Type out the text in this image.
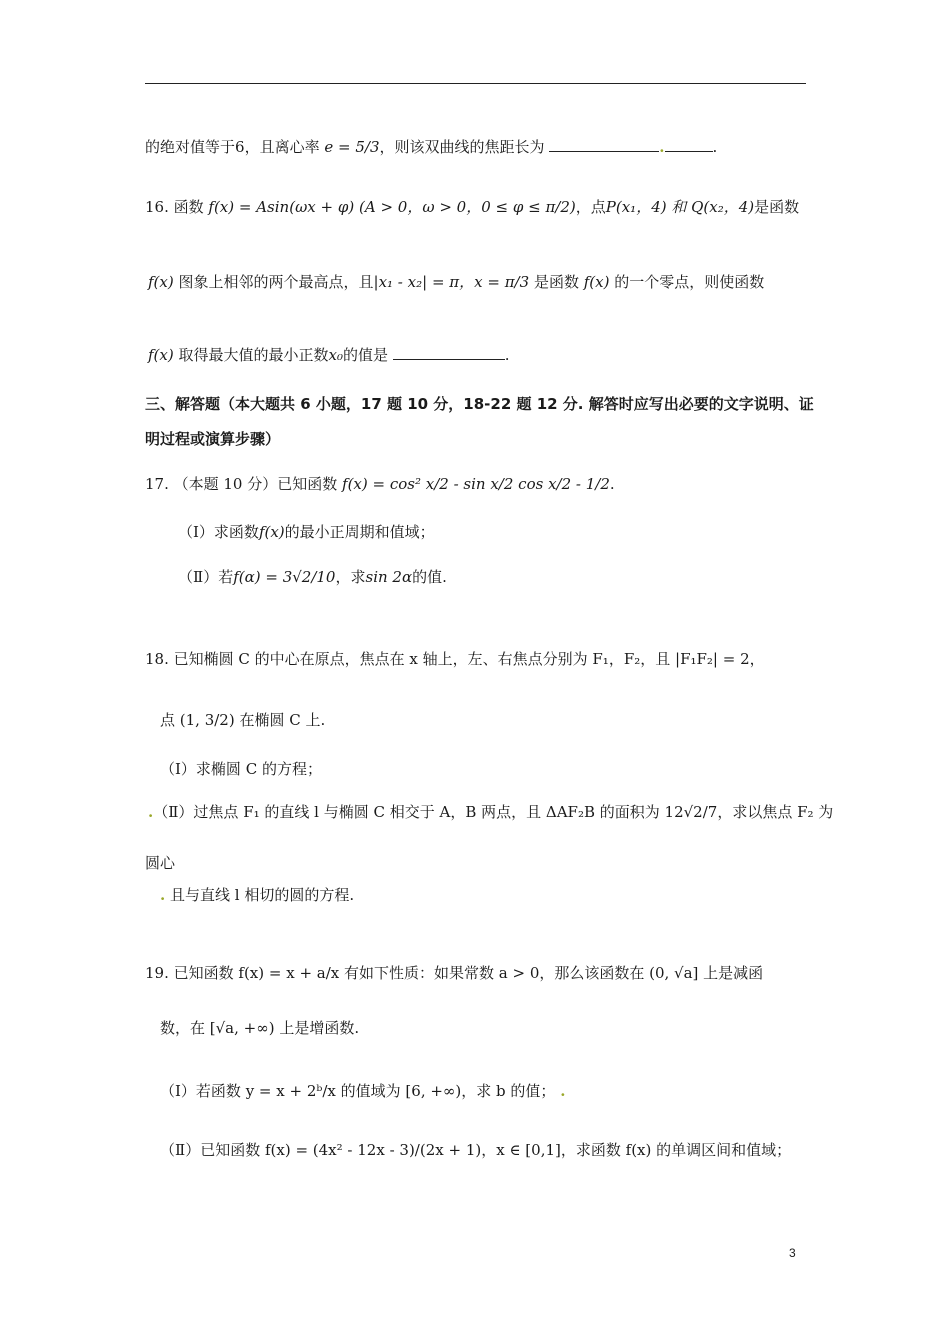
的绝对值等于6，且离心率 e = 5/3，则该双曲线的焦距长为	.	.
16. 函数 f(x) = Asin(ωx + φ) (A > 0，ω > 0，0 ≤ φ ≤ π/2)，点P(x₁，4) 和 Q(x₂，4)是函数
f(x) 图象上相邻的两个最高点，且|x₁ - x₂| = π，x = π/3 是函数 f(x) 的一个零点，则使函数
f(x) 取得最大值的最小正数x₀的值是	.
三、解答题（本大题共 6 小题，17 题 10 分，18-22 题 12 分. 解答时应写出必要的文字说明、证
明过程或演算步骤）
17. （本题 10 分）已知函数 f(x) = cos² x/2 - sin x/2 cos x/2 - 1/2.
（Ⅰ）求函数f(x)的最小正周期和值域；
（Ⅱ）若f(α) = 3√2/10，求sin 2α的值.
18. 已知椭圆 C 的中心在原点，焦点在 x 轴上，左、右焦点分别为 F₁，F₂，且 |F₁F₂| = 2，
点 (1, 3/2) 在椭圆 C 上.
（Ⅰ）求椭圆 C 的方程；
.（Ⅱ）过焦点 F₁ 的直线 l 与椭圆 C 相交于 A，B 两点，且 ΔAF₂B 的面积为 12√2/7，求以焦点 F₂ 为
圆心
. 且与直线 l 相切的圆的方程.
19. 已知函数 f(x) = x + a/x 有如下性质：如果常数 a > 0，那么该函数在 (0, √a] 上是减函
数，在 [√a, +∞) 上是增函数.
（Ⅰ）若函数 y = x + 2ᵇ/x 的值域为 [6, +∞)，求 b 的值； .
（Ⅱ）已知函数 f(x) = (4x² - 12x - 3)/(2x + 1)，x ∈ [0,1]，求函数 f(x) 的单调区间和值域；
3
